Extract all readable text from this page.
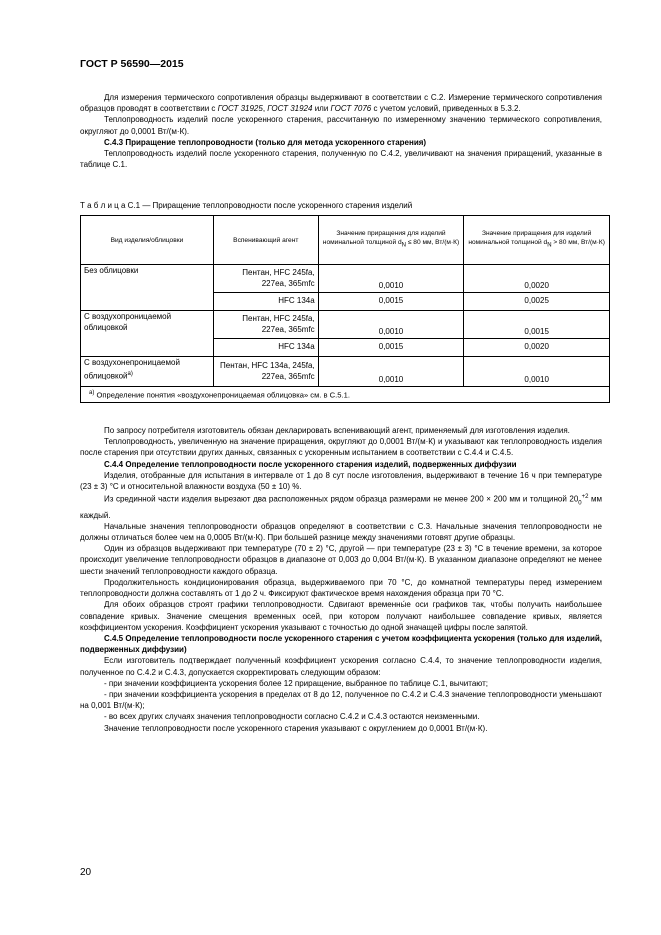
ГОСТ Р 56590—2015

Для измерения термического сопротивления образцы выдерживают в соответствии с С.2. Измерение термического сопротивления образцов проводят в соответствии с ГОСТ 31925, ГОСТ 31924 или ГОСТ 7076 с учетом условий, приведенных в 5.3.2.

Теплопроводность изделий после ускоренного старения, рассчитанную по измеренному значению термического сопротивления, округляют до 0,0001 Вт/(м·К).

С.4.3 Приращение теплопроводности (только для метода ускоренного старения)

Теплопроводность изделий после ускоренного старения, полученную по С.4.2, увеличивают на значения приращений, указанные в таблице С.1.

Т а б л и ц а С.1 — Приращение теплопроводности после ускоренного старения изделий
Вид изделия/облицовки	Вспенивающий агент	Значение приращения для изделий номинальной толщиной dN ≤ 80 мм, Вт/(м·К)	Значение приращения для изделий номинальной толщиной dN > 80 мм, Вт/(м·К)
Без облицовки	Пентан, HFC 245fa, 227ea, 365mfc	0,0010	0,0020
	HFC 134a	0,0015	0,0025
С воздухопроницаемой облицовкой	Пентан, HFC 245fa, 227ea, 365mfc	0,0010	0,0015
	HFC 134a	0,0015	0,0020
С воздухонепроницаемой облицовкой$^{a)}$	Пентан, HFC 134a, 245fa, 227ea, 365mfc	0,0010	0,0010
$^{a)}$ Определение понятия «воздухонепроницаемая облицовка» см. в С.5.1.			

По запросу потребителя изготовитель обязан декларировать вспенивающий агент, применяемый для изготовления изделия.

Теплопроводность, увеличенную на значение приращения, округляют до 0,0001 Вт/(м·К) и указывают как теплопроводность изделия после старения при отсутствии других данных, связанных с ускоренным испытанием в соответствии с С.4.4 и С.4.5.

С.4.4 Определение теплопроводности после ускоренного старения изделий, подверженных диффузии

Изделия, отобранные для испытания в интервале от 1 до 8 сут после изготовления, выдерживают в течение 16 ч при температуре (23 ± 3) °С и относительной влажности воздуха (50 ± 10) %.

Из срединной части изделия вырезают два расположенных рядом образца размерами не менее 200 × 200 мм и толщиной $20_0^{+2}$ мм каждый.

Начальные значения теплопроводности образцов определяют в соответствии с С.3. Начальные значения теплопроводности не должны отличаться более чем на 0,0005 Вт/(м·К). При большей разнице между значениями готовят другие образцы.

Один из образцов выдерживают при температуре (70 ± 2) °С, другой — при температуре (23 ± 3) °С в течение времени, за которое происходит увеличение теплопроводности образцов в диапазоне от 0,003 до 0,004 Вт/(м·К). В указанном диапазоне определяют не менее шести значений теплопроводности каждого образца.

Продолжительность кондиционирования образца, выдерживаемого при 70 °С, до комнатной температуры перед измерением теплопроводности должна составлять от 1 до 2 ч. Фиксируют фактическое время нахождения образца при 70 °С.

Для обоих образцов строят графики теплопроводности. Сдвигают временны́е оси графиков так, чтобы получить наибольшее совпадение кривых. Значение смещения временных осей, при котором получают наибольшее совпадение кривых, является коэффициентом ускорения. Коэффициент ускорения указывают с точностью до одной значащей цифры после запятой.

С.4.5 Определение теплопроводности после ускоренного старения с учетом коэффициента ускорения (только для изделий, подверженных диффузии)

Если изготовитель подтверждает полученный коэффициент ускорения согласно С.4.4, то значение теплопроводности изделия, полученное по С.4.2 и С.4.3, допускается скорректировать следующим образом:

- при значении коэффициента ускорения более 12 приращение, выбранное по таблице С.1, вычитают;

- при значении коэффициента ускорения в пределах от 8 до 12, полученное по С.4.2 и С.4.3 значение теплопроводности уменьшают на 0,001 Вт/(м·К);

- во всех других случаях значения теплопроводности согласно С.4.2 и С.4.3 остаются неизменными.

Значение теплопроводности после ускоренного старения указывают с округлением до 0,0001 Вт/(м·К).

20
